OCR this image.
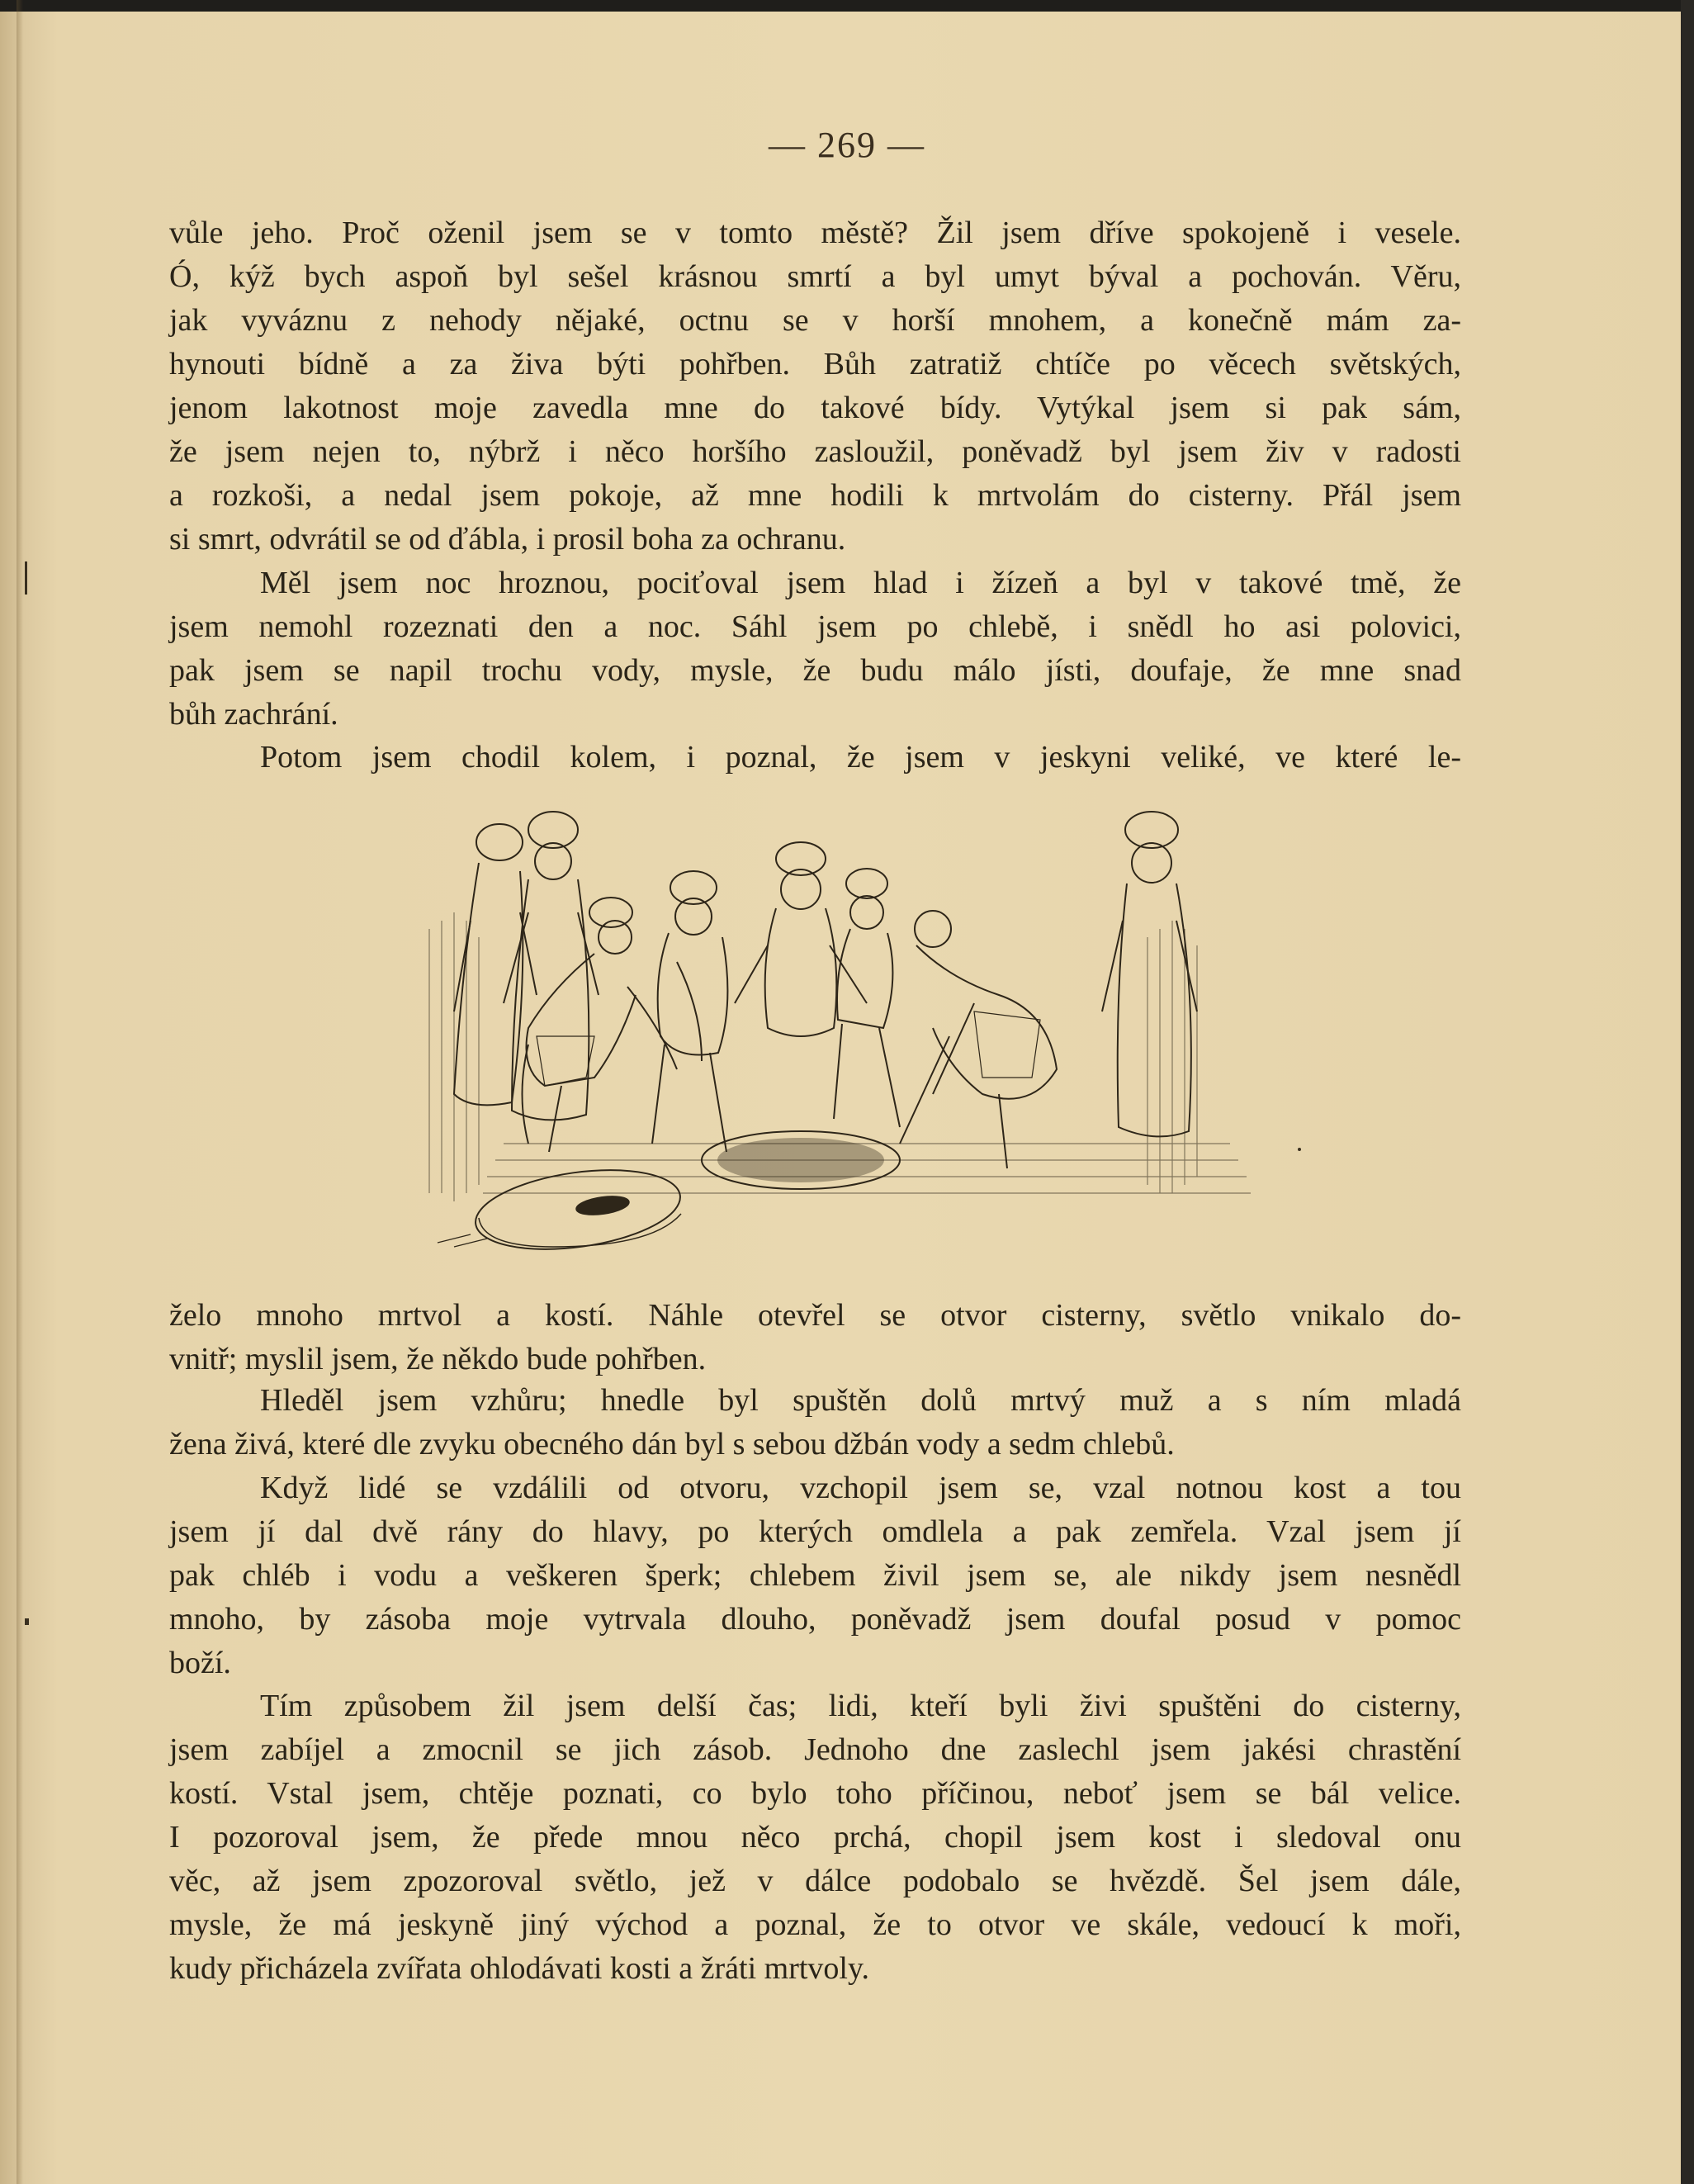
— 269 —
vůle jeho. Proč oženil jsem se v tomto městě? Žil jsem dříve spokojeně i vesele.
Ó, kýž bych aspoň byl sešel krásnou smrtí a byl umyt býval a pochován. Věru,
jak vyváznu z nehody nějaké, octnu se v horší mnohem, a konečně mám za-
hynouti bídně a za živa býti pohřben. Bůh zatratiž chtíče po věcech světských,
jenom lakotnost moje zavedla mne do takové bídy. Vytýkal jsem si pak sám,
že jsem nejen to, nýbrž i něco horšího zasloužil, poněvadž byl jsem živ v radosti
a rozkoši, a nedal jsem pokoje, až mne hodili k mrtvolám do cisterny. Přál jsem
si smrt, odvrátil se od ďábla, i prosil boha za ochranu.
Měl jsem noc hroznou, pociťoval jsem hlad i žízeň a byl v takové tmě, že
jsem nemohl rozeznati den a noc. Sáhl jsem po chlebě, i snědl ho asi polovici,
pak jsem se napil trochu vody, mysle, že budu málo jísti, doufaje, že mne snad
bůh zachrání.
Potom jsem chodil kolem, i poznal, že jsem v jeskyni veliké, ve které le-
želo mnoho mrtvol a kostí. Náhle otevřel se otvor cisterny, světlo vnikalo do-
vnitř; myslil jsem, že někdo bude pohřben.
Hleděl jsem vzhůru; hnedle byl spuštěn dolů mrtvý muž a s ním mladá
žena živá, které dle zvyku obecného dán byl s sebou džbán vody a sedm chlebů.
Když lidé se vzdálili od otvoru, vzchopil jsem se, vzal notnou kost a tou
jsem jí dal dvě rány do hlavy, po kterých omdlela a pak zemřela. Vzal jsem jí
pak chléb i vodu a veškeren šperk; chlebem živil jsem se, ale nikdy jsem nesnědl
mnoho, by zásoba moje vytrvala dlouho, poněvadž jsem doufal posud v pomoc
boží.
Tím způsobem žil jsem delší čas; lidi, kteří byli živi spuštěni do cisterny,
jsem zabíjel a zmocnil se jich zásob. Jednoho dne zaslechl jsem jakési chrastění
kostí. Vstal jsem, chtěje poznati, co bylo toho příčinou, neboť jsem se bál velice.
I pozoroval jsem, že přede mnou něco prchá, chopil jsem kost i sledoval onu
věc, až jsem zpozoroval světlo, jež v dálce podobalo se hvězdě. Šel jsem dále,
mysle, že má jeskyně jiný východ a poznal, že to otvor ve skále, vedoucí k moři,
kudy přicházela zvířata ohlodávati kosti a žráti mrtvoly.
